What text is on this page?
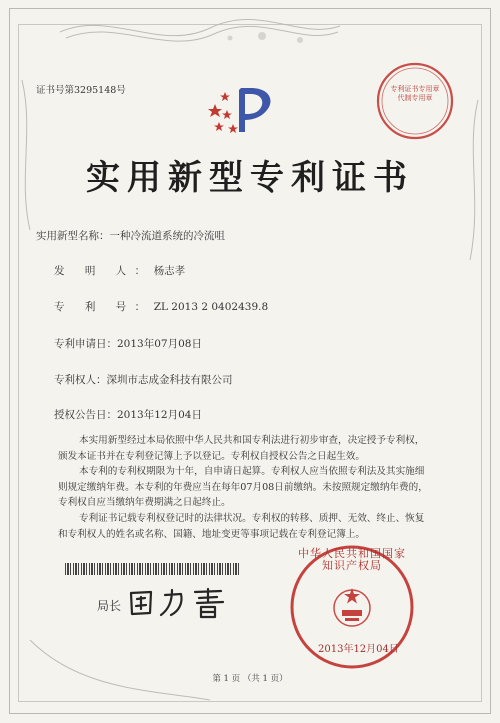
证书号第3295148号	专利证书专用章
代制专用章
实用新型专利证书
实用新型名称：一种冷流道系统的冷流咀
发 明 人：杨志孝
专 利 号：ZL 2013 2 0402439.8
专利申请日：2013年07月08日
专利权人：深圳市志成金科技有限公司
授权公告日：2013年12月04日

本实用新型经过本局依照中华人民共和国专利法进行初步审查，决定授予专利权，颁发本证书并在专利登记簿上予以登记。专利权自授权公告之日起生效。

本专利的专利权期限为十年，自申请日起算。专利权人应当依照专利法及其实施细则规定缴纳年费。本专利的年费应当在每年07月08日前缴纳。未按照规定缴纳年费的，专利权自应当缴纳年费期满之日起终止。

专利证书记载专利权登记时的法律状况。专利权的转移、质押、无效、终止、恢复和专利权人的姓名或名称、国籍、地址变更等事项记载在专利登记簿上。

局长
中华人民共和国国家知识产权局
2013年12月04日
第 1 页 （共 1 页）
